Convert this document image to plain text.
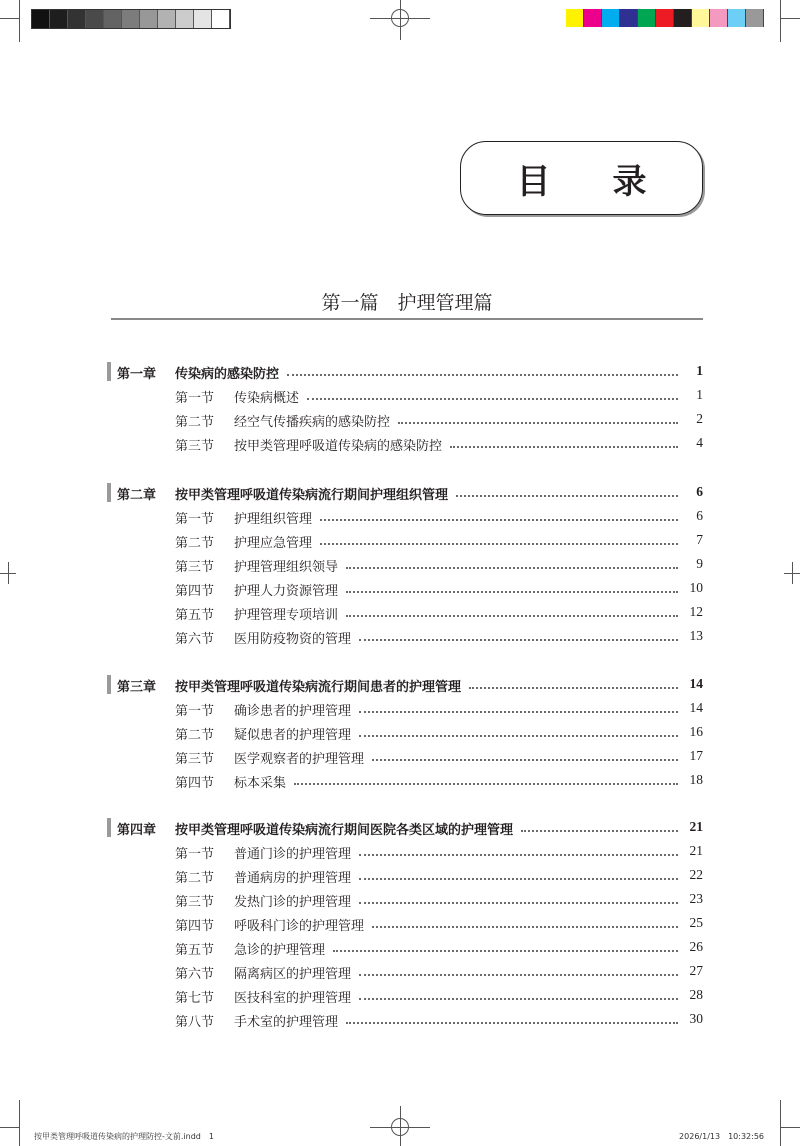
目录
第一篇　护理管理篇
第一章 传染病的感染防控	1
第一节 传染病概述	1
第二节 经空气传播疾病的感染防控	2
第三节 按甲类管理呼吸道传染病的感染防控	4
第二章 按甲类管理呼吸道传染病流行期间护理组织管理	6
第一节 护理组织管理	6
第二节 护理应急管理	7
第三节 护理管理组织领导	9
第四节 护理人力资源管理	10
第五节 护理管理专项培训	12
第六节 医用防疫物资的管理	13
第三章 按甲类管理呼吸道传染病流行期间患者的护理管理	14
第一节 确诊患者的护理管理	14
第二节 疑似患者的护理管理	16
第三节 医学观察者的护理管理	17
第四节 标本采集	18
第四章 按甲类管理呼吸道传染病流行期间医院各类区域的护理管理	21
第一节 普通门诊的护理管理	21
第二节 普通病房的护理管理	22
第三节 发热门诊的护理管理	23
第四节 呼吸科门诊的护理管理	25
第五节 急诊的护理管理	26
第六节 隔离病区的护理管理	27
第七节 医技科室的护理管理	28
第八节 手术室的护理管理	30
按甲类管理呼吸道传染病的护理防控-文前.indd　1	2026/1/13　10:32:56
